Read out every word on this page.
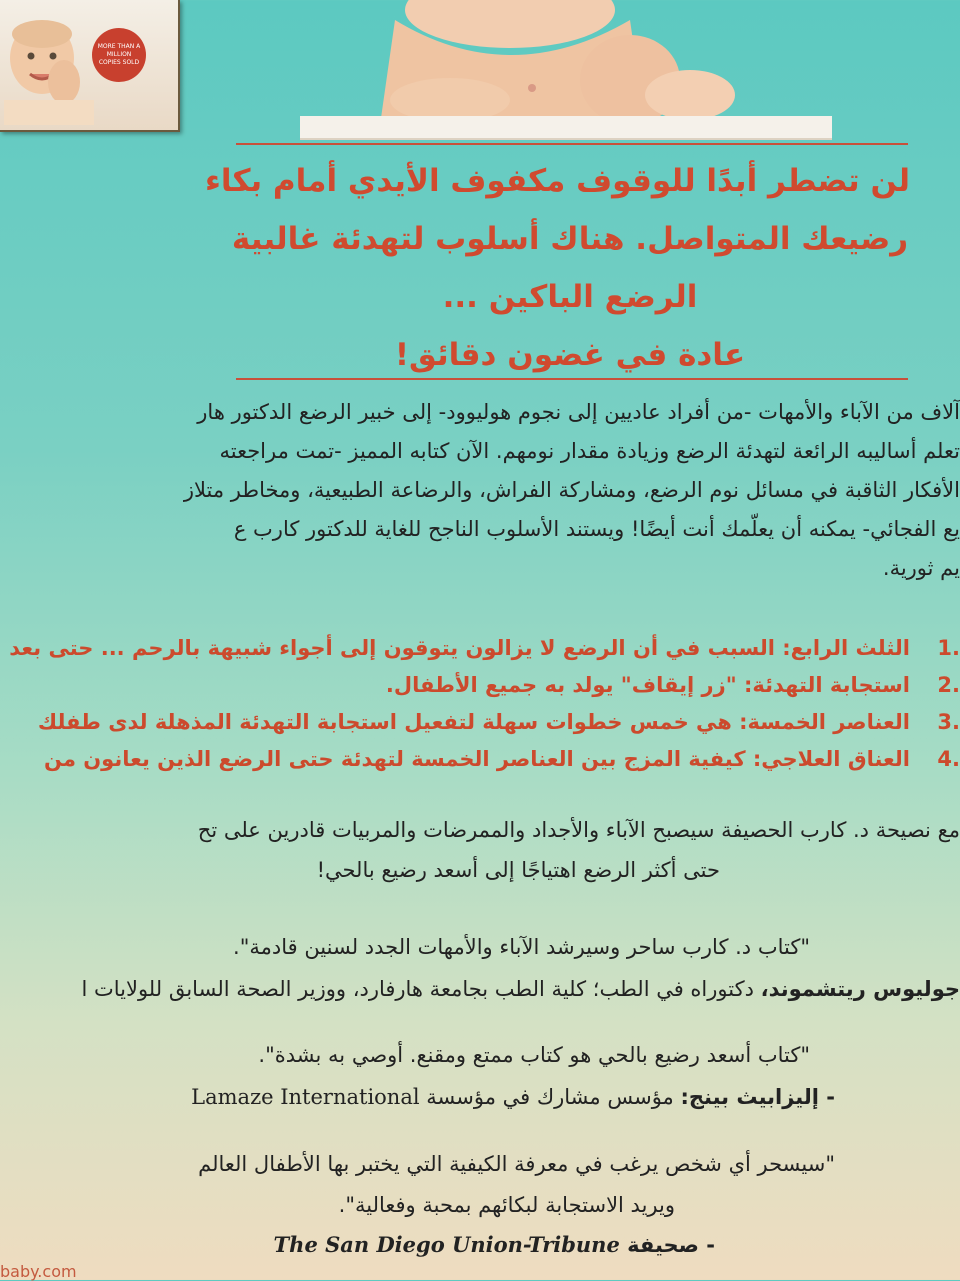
MORE THAN A MILLION COPIES SOLD
لن تضطر أبدًا للوقوف مكفوف الأيدي أمام بكاء
رضيعك المتواصل. هناك أسلوب لتهدئة غالبية
الرضع الباكين ...
عادة في غضون دقائق!
آلاف من الآباء والأمهات -من أفراد عاديين إلى نجوم هوليوود- إلى خبير الرضع الدكتور هار
تعلم أساليبه الرائعة لتهدئة الرضع وزيادة مقدار نومهم. الآن كتابه المميز -تمت مراجعته
الأفكار الثاقبة في مسائل نوم الرضع، ومشاركة الفراش، والرضاعة الطبيعية، ومخاطر متلاز
يع الفجائي- يمكنه أن يعلّمك أنت أيضًا! ويستند الأسلوب الناجح للغاية للدكتور كارب ع
يم ثورية.
.1
الثلث الرابع: السبب في أن الرضع لا يزالون يتوقون إلى أجواء شبيهة بالرحم ... حتى بعد
.2
استجابة التهدئة: "زر إيقاف" يولد به جميع الأطفال.
.3
العناصر الخمسة: هي خمس خطوات سهلة لتفعيل استجابة التهدئة المذهلة لدى طفلك
.4
العناق العلاجي: كيفية المزج بين العناصر الخمسة لتهدئة حتى الرضع الذين يعانون من
مع نصيحة د. كارب الحصيفة سيصبح الآباء والأجداد والممرضات والمربيات قادرين على تح
حتى أكثر الرضع اهتياجًا إلى أسعد رضيع بالحي!
"كتاب د. كارب ساحر وسيرشد الآباء والأمهات الجدد لسنين قادمة".
جوليوس ريتشموند، دكتوراه في الطب؛ كلية الطب بجامعة هارفارد، ووزير الصحة السابق للولايات ا
"كتاب أسعد رضيع بالحي هو كتاب ممتع ومقنع. أوصي به بشدة".
- إليزابيث بينج: مؤسس مشارك في مؤسسة Lamaze International
"سيسحر أي شخص يرغب في معرفة الكيفية التي يختبر بها الأطفال العالم
ويريد الاستجابة لبكائهم بمحبة وفعالية".
- صحيفة The San Diego Union-Tribune
baby.com
